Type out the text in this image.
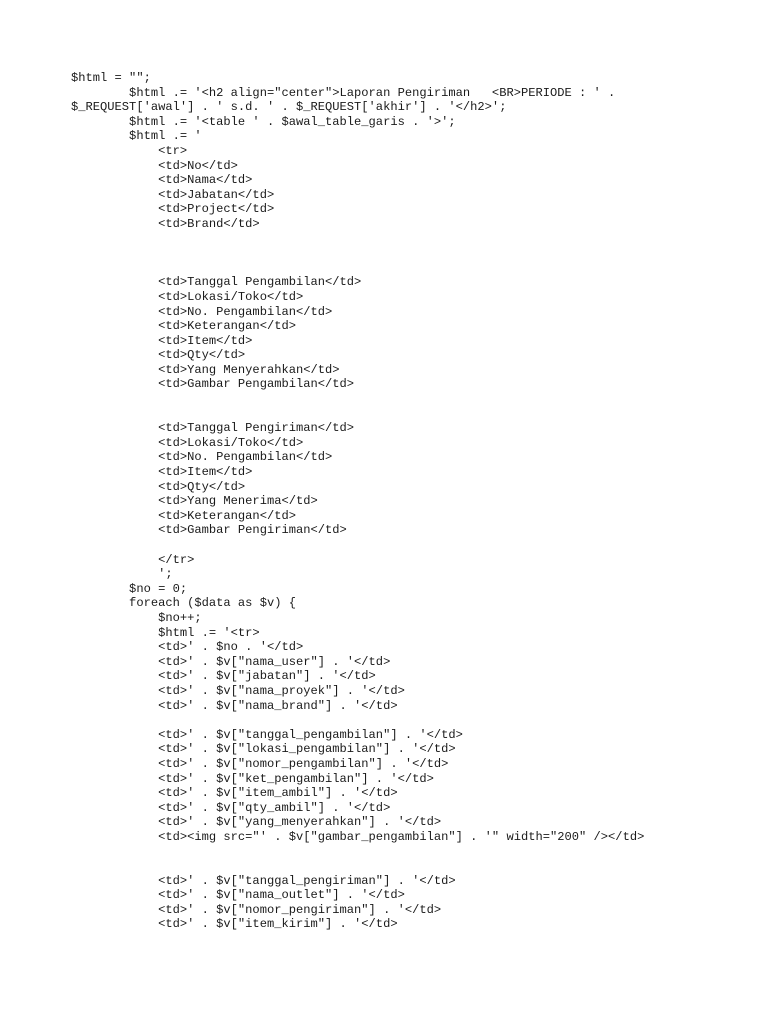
$html = "";
$html .= '<h2 align="center">Laporan Pengiriman   <BR>PERIODE : ' .
$_REQUEST['awal'] . ' s.d. ' . $_REQUEST['akhir'] . '</h2>';
$html .= '<table ' . $awal_table_garis . '>';
$html .= '
<tr>
<td>No</td>
<td>Nama</td>
<td>Jabatan</td>
<td>Project</td>
<td>Brand</td>
<td>Tanggal Pengambilan</td>
<td>Lokasi/Toko</td>
<td>No. Pengambilan</td>
<td>Keterangan</td>
<td>Item</td>
<td>Qty</td>
<td>Yang Menyerahkan</td>
<td>Gambar Pengambilan</td>
<td>Tanggal Pengiriman</td>
<td>Lokasi/Toko</td>
<td>No. Pengambilan</td>
<td>Item</td>
<td>Qty</td>
<td>Yang Menerima</td>
<td>Keterangan</td>
<td>Gambar Pengiriman</td>
</tr>
';
$no = 0;
foreach ($data as $v) {
$no++;
$html .= '<tr>
<td>' . $no . '</td>
<td>' . $v["nama_user"] . '</td>
<td>' . $v["jabatan"] . '</td>
<td>' . $v["nama_proyek"] . '</td>
<td>' . $v["nama_brand"] . '</td>
<td>' . $v["tanggal_pengambilan"] . '</td>
<td>' . $v["lokasi_pengambilan"] . '</td>
<td>' . $v["nomor_pengambilan"] . '</td>
<td>' . $v["ket_pengambilan"] . '</td>
<td>' . $v["item_ambil"] . '</td>
<td>' . $v["qty_ambil"] . '</td>
<td>' . $v["yang_menyerahkan"] . '</td>
<td><img src="' . $v["gambar_pengambilan"] . '" width="200" /></td>
<td>' . $v["tanggal_pengiriman"] . '</td>
<td>' . $v["nama_outlet"] . '</td>
<td>' . $v["nomor_pengiriman"] . '</td>
<td>' . $v["item_kirim"] . '</td>
